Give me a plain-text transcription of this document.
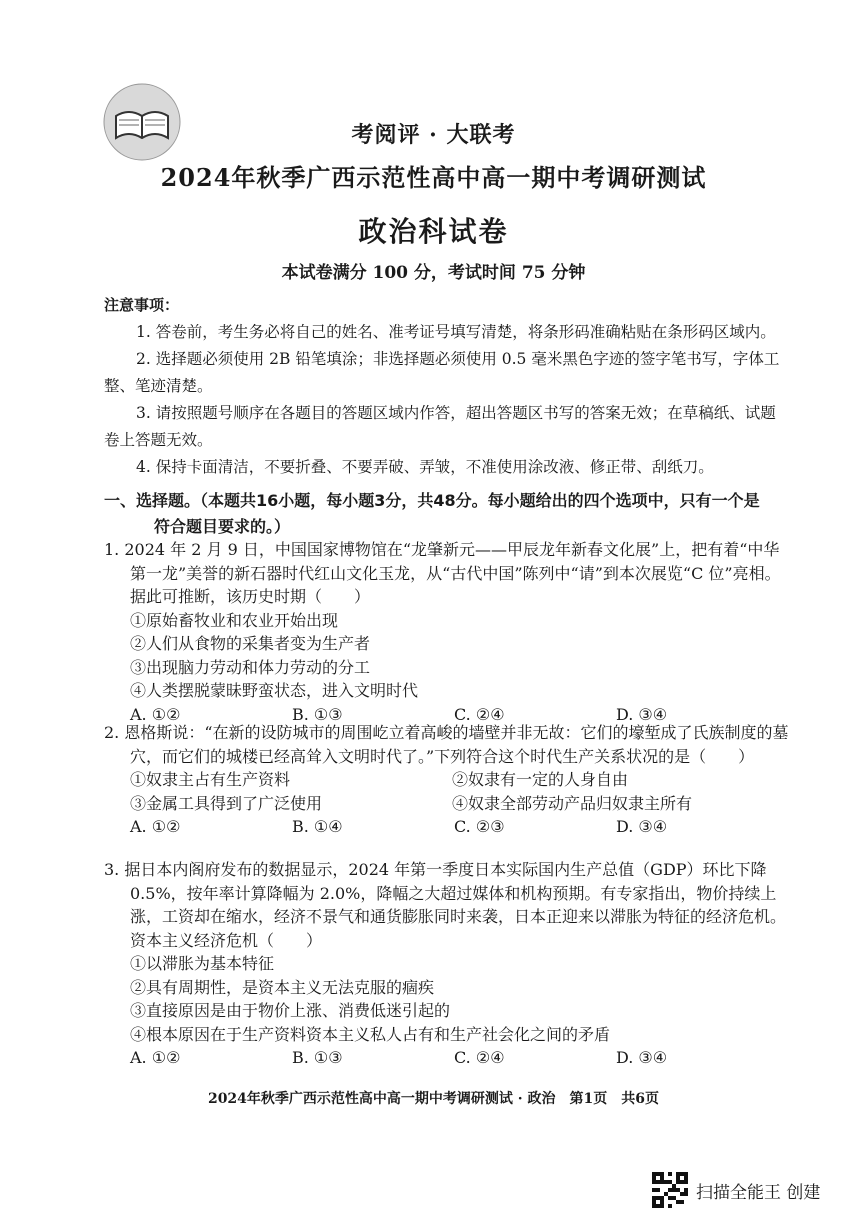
考阅评 · 大联考
2024年秋季广西示范性高中高一期中考调研测试
政治科试卷
本试卷满分 100 分，考试时间 75 分钟
注意事项：

1. 答卷前，考生务必将自己的姓名、准考证号填写清楚，将条形码准确粘贴在条形码区域内。

2. 选择题必须使用 2B 铅笔填涂；非选择题必须使用 0.5 毫米黑色字迹的签字笔书写，字体工整、笔迹清楚。

3. 请按照题号顺序在各题目的答题区域内作答，超出答题区书写的答案无效；在草稿纸、试题卷上答题无效。

4. 保持卡面清洁，不要折叠、不要弄破、弄皱，不准使用涂改液、修正带、刮纸刀。

一、选择题。（本题共16小题，每小题3分，共48分。每小题给出的四个选项中，只有一个是
符合题目要求的。）

1. 2024 年 2 月 9 日，中国国家博物馆在“龙肇新元——甲辰龙年新春文化展”上，把有着“中华第一龙”美誉的新石器时代红山文化玉龙，从“古代中国”陈列中“请”到本次展览“C 位”亮相。据此可推断，该历史时期（　　）

①原始畜牧业和农业开始出现

②人们从食物的采集者变为生产者

③出现脑力劳动和体力劳动的分工

④人类摆脱蒙昧野蛮状态，进入文明时代

A. ①②	B. ①③	C. ②④	D. ③④

2. 恩格斯说：“在新的设防城市的周围屹立着高峻的墙壁并非无故：它们的壕堑成了氏族制度的墓穴，而它们的城楼已经高耸入文明时代了。”下列符合这个时代生产关系状况的是（　　）

①奴隶主占有生产资料	②奴隶有一定的人身自由
③金属工具得到了广泛使用	④奴隶全部劳动产品归奴隶主所有
A. ①②	B. ①④	C. ②③	D. ③④

3. 据日本内阁府发布的数据显示，2024 年第一季度日本实际国内生产总值（GDP）环比下降 0.5%，按年率计算降幅为 2.0%，降幅之大超过媒体和机构预期。有专家指出，物价持续上涨，工资却在缩水，经济不景气和通货膨胀同时来袭，日本正迎来以滞胀为特征的经济危机。资本主义经济危机（　　）

①以滞胀为基本特征

②具有周期性，是资本主义无法克服的痼疾

③直接原因是由于物价上涨、消费低迷引起的

④根本原因在于生产资料资本主义私人占有和生产社会化之间的矛盾

A. ①②	B. ①③	C. ②④	D. ③④
2024年秋季广西示范性高中高一期中考调研测试 · 政治　第1页　共6页
扫描全能王 创建
